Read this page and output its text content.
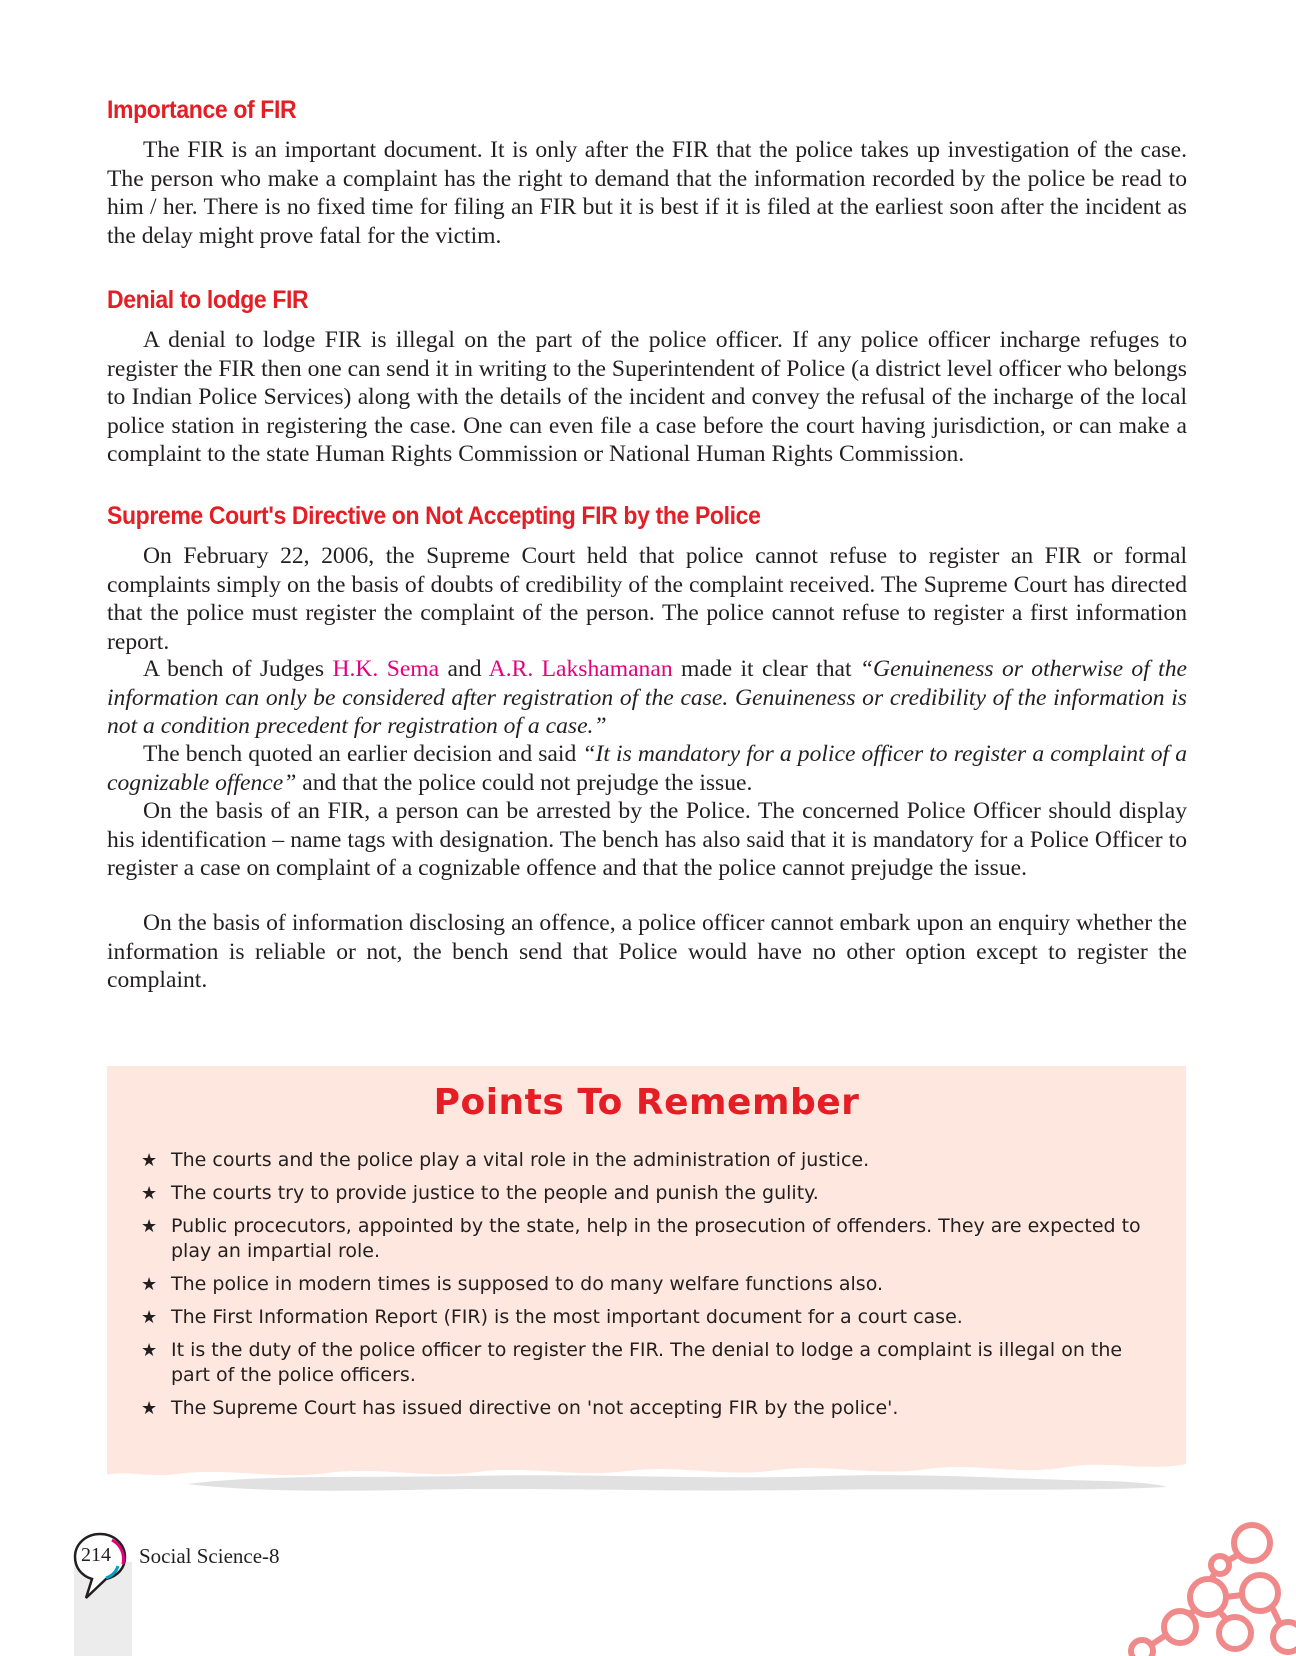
Importance of FIR

The FIR is an important document. It is only after the FIR that the police takes up investigation of the case. The person who make a complaint has the right to demand that the information recorded by the police be read to him / her. There is no fixed time for filing an FIR but it is best if it is filed at the earliest soon after the incident as the delay might prove fatal for the victim.

Denial to lodge FIR

A denial to lodge FIR is illegal on the part of the police officer. If any police officer incharge refuges to register the FIR then one can send it in writing to the Superintendent of Police (a district level officer who belongs to Indian Police Services) along with the details of the incident and convey the refusal of the incharge of the local police station in registering the case. One can even file a case before the court having jurisdiction, or can make a complaint to the state Human Rights Commission or National Human Rights Commission.

Supreme Court's Directive on Not Accepting FIR by the Police

On February 22, 2006, the Supreme Court held that police cannot refuse to register an FIR or formal complaints simply on the basis of doubts of credibility of the complaint received. The Supreme Court has directed that the police must register the complaint of the person. The police cannot refuse to register a first information report.

A bench of Judges H.K. Sema and A.R. Lakshamanan made it clear that “Genuineness or otherwise of the information can only be considered after registration of the case. Genuineness or credibility of the information is not a condition precedent for registration of a case.”

The bench quoted an earlier decision and said “It is mandatory for a police officer to register a complaint of a cognizable offence” and that the police could not prejudge the issue.

On the basis of an FIR, a person can be arrested by the Police. The concerned Police Officer should display his identification – name tags with designation. The bench has also said that it is mandatory for a Police Officer to register a case on complaint of a cognizable offence and that the police cannot prejudge the issue.

On the basis of information disclosing an offence, a police officer cannot embark upon an enquiry whether the information is reliable or not, the bench send that Police would have no other option except to register the complaint.

Points To Remember
★ The courts and the police play a vital role in the administration of justice.
★ The courts try to provide justice to the people and punish the gulity.
★ Public procecutors, appointed by the state, help in the prosecution of offenders. They are expected to play an impartial role.
★ The police in modern times is supposed to do many welfare functions also.
★ The First Information Report (FIR) is the most important document for a court case.
★ It is the duty of the police officer to register the FIR. The denial to lodge a complaint is illegal on the part of the police officers.
★ The Supreme Court has issued directive on 'not accepting FIR by the police'.
214	Social Science-8
